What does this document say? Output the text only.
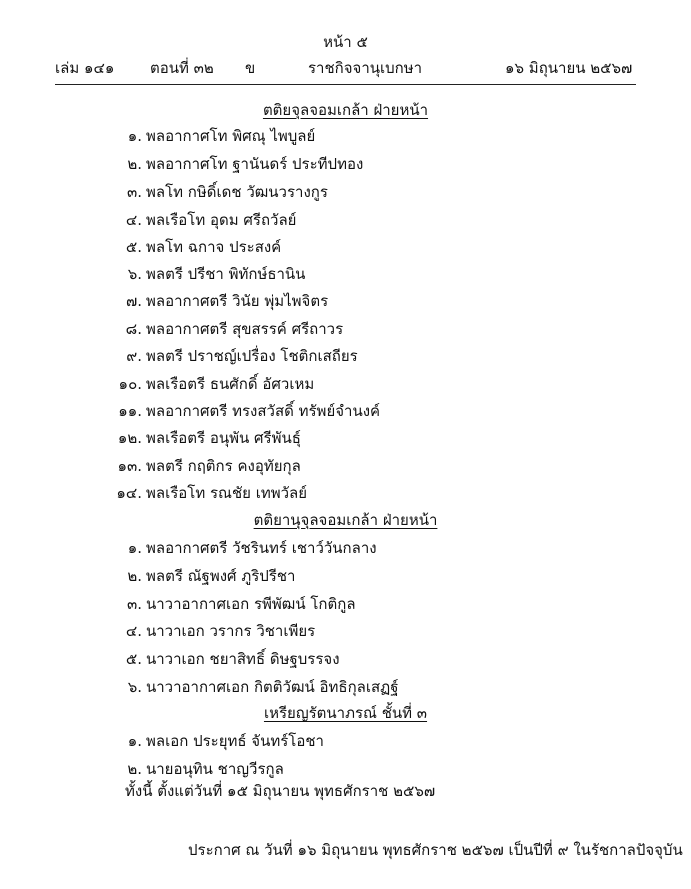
หน้า ๕
เล่ม ๑๔๑ ตอนที่ ๓๒ ข	ราชกิจจานุเบกษา	๑๖ มิถุนายน ๒๕๖๗
ตติยจุลจอมเกล้า ฝ่ายหน้า
๑. พลอากาศโท พิศณุ ไพบูลย์
๒. พลอากาศโท ฐานันดร์ ประทีปทอง
๓. พลโท กษิดิ์เดช วัฒนวรางกูร
๔. พลเรือโท อุดม ศรีถวัลย์
๕. พลโท ฉกาจ ประสงค์
๖. พลตรี ปรีชา พิทักษ์ธานิน
๗. พลอากาศตรี วินัย พุ่มไพจิตร
๘. พลอากาศตรี สุขสรรค์ ศรีถาวร
๙. พลตรี ปราชญ์เปรื่อง โชติกเสถียร
๑๐. พลเรือตรี ธนศักดิ์ อัศวเหม
๑๑. พลอากาศตรี ทรงสวัสดิ์ ทรัพย์จำนงค์
๑๒. พลเรือตรี อนุพัน ศรีพันธุ์
๑๓. พลตรี กฤติกร คงอุทัยกุล
๑๔. พลเรือโท รณชัย เทพวัลย์
ตติยานุจุลจอมเกล้า ฝ่ายหน้า
๑. พลอากาศตรี วัชรินทร์ เชาว์วันกลาง
๒. พลตรี ณัฐพงศ์ ภูริปรีชา
๓. นาวาอากาศเอก รพีพัฒน์ โกติกูล
๔. นาวาเอก วรากร วิชาเพียร
๕. นาวาเอก ชยาสิทธิ์ ดิษฐบรรจง
๖. นาวาอากาศเอก กิตติวัฒน์ อิทธิกุลเสฏฐ์
เหรียญรัตนาภรณ์ ชั้นที่ ๓
๑. พลเอก ประยุทธ์ จันทร์โอชา
๒. นายอนุทิน ชาญวีรกูล
ทั้งนี้ ตั้งแต่วันที่ ๑๕ มิถุนายน พุทธศักราช ๒๕๖๗
ประกาศ ณ วันที่ ๑๖ มิถุนายน พุทธศักราช ๒๕๖๗ เป็นปีที่ ๙ ในรัชกาลปัจจุบัน
